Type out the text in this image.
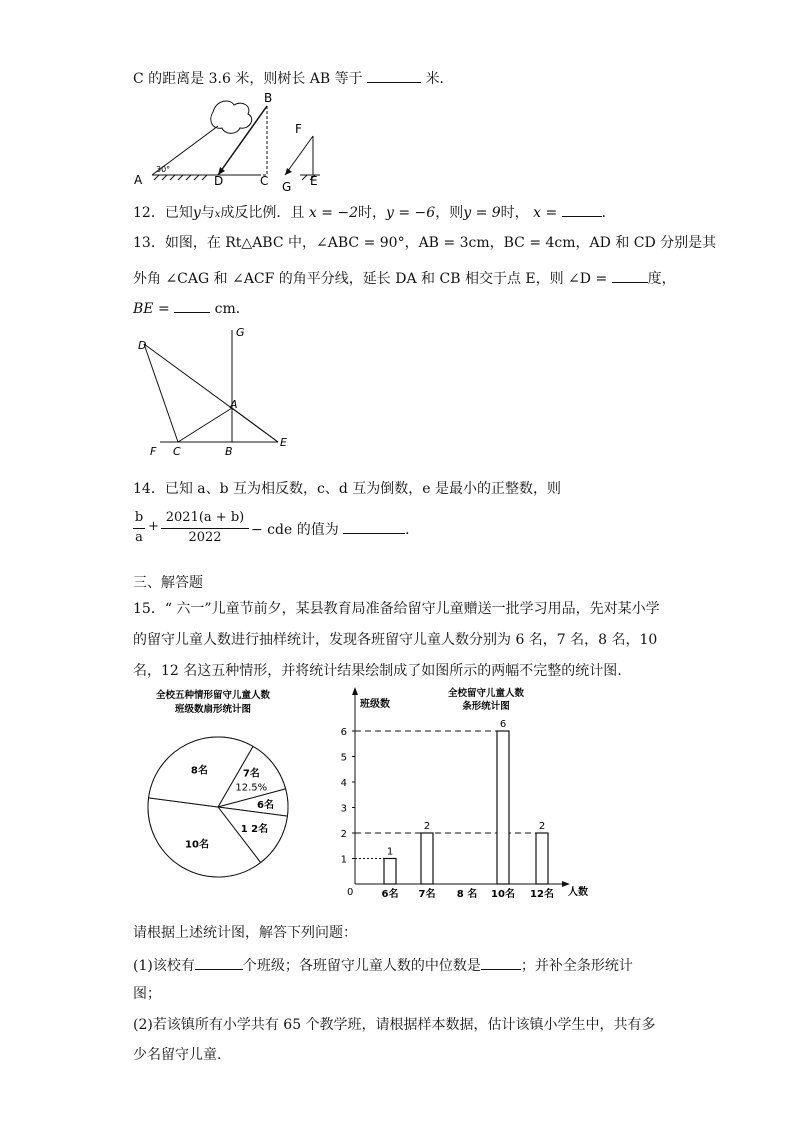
C 的距离是 3.6 米，则树长 AB 等于	米．
30°
A
B
C
D
F
G E
12．已知y与x成反比例．且 x = −2时，y = −6，则y = 9时， x =	．
13．如图，在 Rt△ABC 中，∠ABC = 90°，AB = 3cm，BC = 4cm，AD 和 CD 分别是其
外角 ∠CAG 和 ∠ACF 的角平分线，延长 DA 和 CB 相交于点 E，则 ∠D =	度，
BE =	cm．
D
G
A
F C	B
E
14．已知 a、b 互为相反数，c、d 互为倒数，e 是最小的正整数，则
b
a
+
2021(a + b)
2022	− cde 的值为	．
三、解答题
15．“ 六一”儿童节前夕，某县教育局准备给留守儿童赠送一批学习用品，先对某小学
的留守儿童人数进行抽样统计，发现各班留守儿童人数分别为 6 名，7 名，8 名，10
名，12 名这五种情形，并将统计结果绘制成了如图所示的两幅不完整的统计图.
全校五种情形留守儿童人数
班级数扇形统计图
7名
12.5%
6名
1 2名
10名
8名
全校留守儿童人数
条形统计图
班级数
人数
0
1
2
3
4
5
6
1
2
6
2
6名 7名 8 名 10名 12名
请根据上述统计图，解答下列问题：
(1)该校有	个班级；各班留守儿童人数的中位数是	；并补全条形统计
图；
(2)若该镇所有小学共有 65 个教学班，请根据样本数据，估计该镇小学生中，共有多
少名留守儿童.
